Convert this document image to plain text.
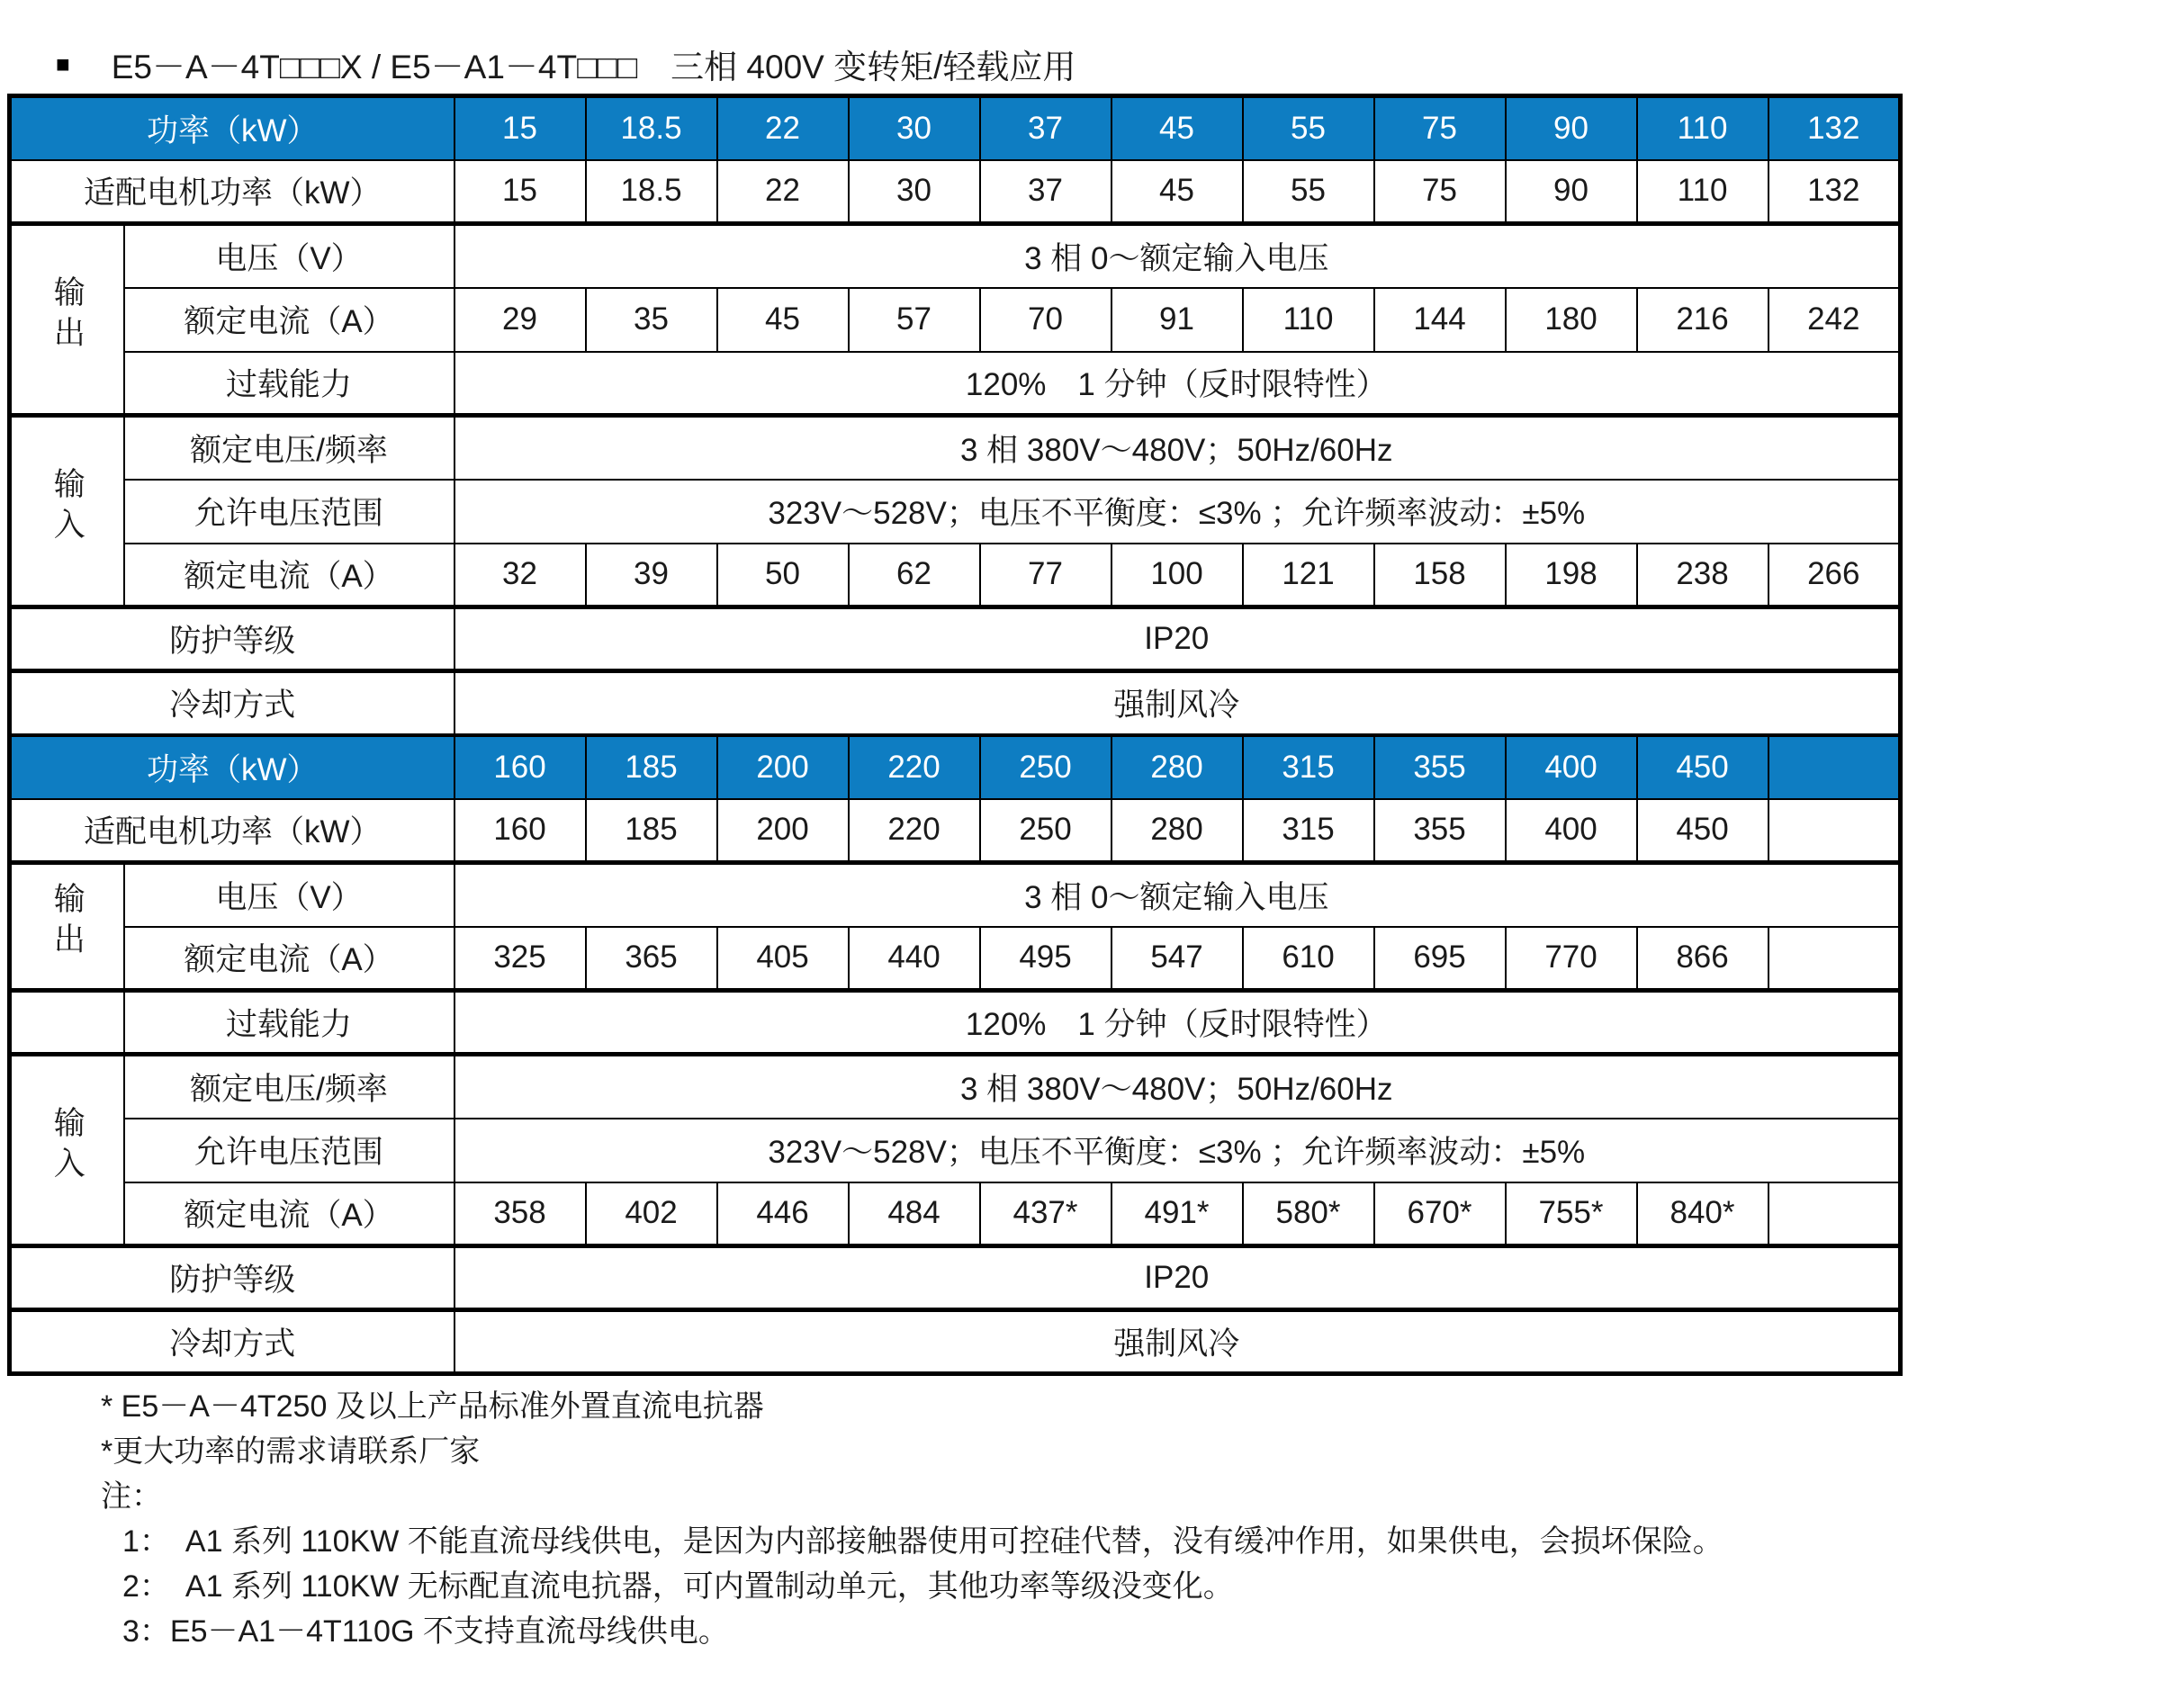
■ E5－A－4T□□□X / E5－A1－4T□□□　三相 400V 变转矩/轻载应用
功率（kW）		15	18.5	22	30	37	45	55	75	90	110	132
适配电机功率（kW）		15	18.5	22	30	37	45	55	75	90	110	132
输出	电压（V）	3 相 0～额定输入电压										
	额定电流（A）	29	35	45	57	70	91	110	144	180	216	242
	过载能力	120%　1 分钟（反时限特性）										
输入	额定电压/频率	3 相 380V～480V；50Hz/60Hz										
	允许电压范围	323V～528V；电压不平衡度：≤3% ；允许频率波动：±5%										
	额定电流（A）	32	39	50	62	77	100	121	158	198	238	266
防护等级		IP20										
冷却方式		强制风冷										
功率（kW）		160	185	200	220	250	280	315	355	400	450	
适配电机功率（kW）		160	185	200	220	250	280	315	355	400	450	
输出	电压（V）	3 相 0～额定输入电压										
	额定电流（A）	325	365	405	440	495	547	610	695	770	866	
	过载能力	120%　1 分钟（反时限特性）										
输入	额定电压/频率	3 相 380V～480V；50Hz/60Hz										
	允许电压范围	323V～528V；电压不平衡度：≤3% ；允许频率波动：±5%										
	额定电流（A）	358	402	446	484	437*	491*	580*	670*	755*	840*	
防护等级		IP20										
冷却方式		强制风冷										
* E5－A－4T250 及以上产品标准外置直流电抗器
*更大功率的需求请联系厂家
注：
1：　A1 系列 110KW 不能直流母线供电，是因为内部接触器使用可控硅代替，没有缓冲作用，如果供电，会损坏保险。
2：　A1 系列 110KW 无标配直流电抗器，可内置制动单元，其他功率等级没变化。
3：E5－A1－4T110G 不支持直流母线供电。
